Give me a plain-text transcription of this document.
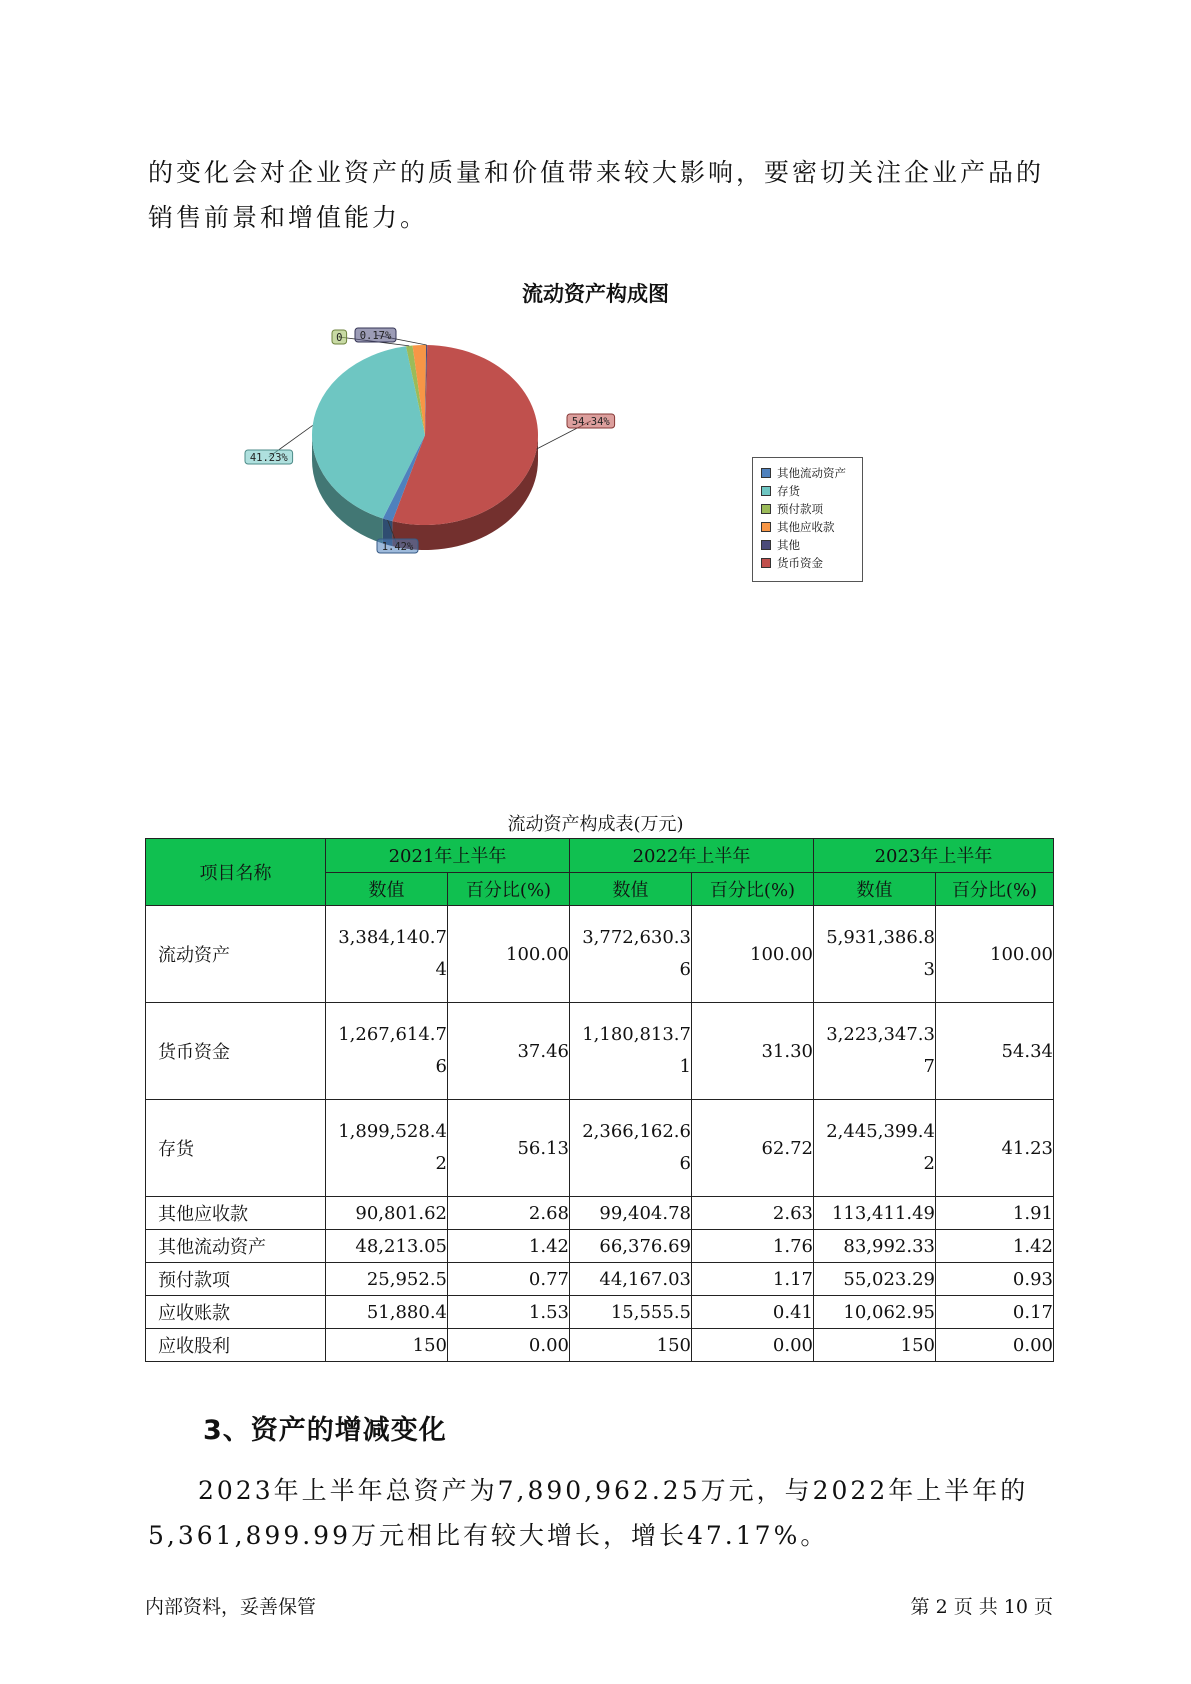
的变化会对企业资产的质量和价值带来较大影响，要密切关注企业产品的销售前景和增值能力。
流动资产构成图
54.34%
1.42%
41.23%
0 0.17%
其他流动资产
存货
预付款项
其他应收款
其他
货币资金
流动资产构成表(万元)
项目名称	2021年上半年		2022年上半年		2023年上半年	
	数值	百分比(%)	数值	百分比(%)	数值	百分比(%)
流动资产	3,384,140.74	100.00	3,772,630.36	100.00	5,931,386.83	100.00
货币资金	1,267,614.76	37.46	1,180,813.71	31.30	3,223,347.37	54.34
存货	1,899,528.42	56.13	2,366,162.66	62.72	2,445,399.42	41.23
其他应收款	90,801.62	2.68	99,404.78	2.63	113,411.49	1.91
其他流动资产	48,213.05	1.42	66,376.69	1.76	83,992.33	1.42
预付款项	25,952.5	0.77	44,167.03	1.17	55,023.29	0.93
应收账款	51,880.4	1.53	15,555.5	0.41	10,062.95	0.17
应收股利	150	0.00	150	0.00	150	0.00
3、资产的增减变化
2023年上半年总资产为7,890,962.25万元，与2022年上半年的5,361,899.99万元相比有较大增长，增长47.17%。
内部资料，妥善保管	第 2 页 共 10 页
